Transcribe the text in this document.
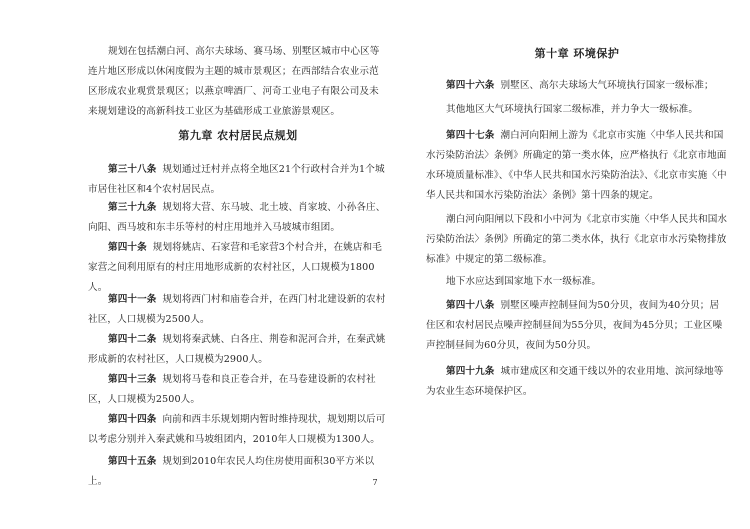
规划在包括潮白河、高尔夫球场、赛马场、别墅区城市中心区等连片地区形成以休闲度假为主题的城市景观区；在西部结合农业示范区形成农业观赏景观区；以燕京啤酒厂、河奇工业电子有限公司及未来规划建设的高新科技工业区为基础形成工业旅游景观区。

第九章 农村居民点规划

第三十八条 规划通过迁村并点将全地区21个行政村合并为1个城市居住社区和4个农村居民点。

第三十九条 规划将大营、东马坡、北土坡、肖家坡、小孙各庄、向阳、西马坡和东丰乐等村的村庄用地并入马坡城市组团。

第四十条 规划将姚店、石家营和毛家营3个村合并，在姚店和毛家营之间利用原有的村庄用地形成新的农村社区，人口规模为1800人。

第四十一条 规划将西门村和庙卷合并，在西门村北建设新的农村社区，人口规模为2500人。

第四十二条 规划将秦武姚、白各庄、荆卷和泥河合并，在秦武姚形成新的农村社区，人口规模为2900人。

第四十三条 规划将马卷和良正卷合并，在马卷建设新的农村社区，人口规模为2500人。

第四十四条 向前和西丰乐规划期内暂时维持现状，规划期以后可以考虑分别并入秦武姚和马坡组团内，2010年人口规模为1300人。

第四十五条 规划到2010年农民人均住房使用面积30平方米以上。

第十章 环境保护

第四十六条 别墅区、高尔夫球场大气环境执行国家一级标准；

其他地区大气环境执行国家二级标准，并力争大一级标准。

第四十七条 潮白河向阳闸上游为《北京市实施〈中华人民共和国水污染防治法〉条例》所确定的第一类水体，应严格执行《北京市地面水环境质量标准》、《中华人民共和国水污染防治法》、《北京市实施〈中华人民共和国水污染防治法〉条例》第十四条的规定。

潮白河向阳闸以下段和小中河为《北京市实施〈中华人民共和国水污染防治法〉条例》所确定的第二类水体，执行《北京市水污染物排放标准》中规定的第二级标准。

地下水应达到国家地下水一级标准。

第四十八条 别墅区噪声控制昼间为50分贝，夜间为40分贝；居住区和农村居民点噪声控制昼间为55分贝，夜间为45分贝；工业区噪声控制昼间为60分贝，夜间为50分贝。

第四十九条 城市建成区和交通干线以外的农业用地、滨河绿地等为农业生态环境保护区。

7
